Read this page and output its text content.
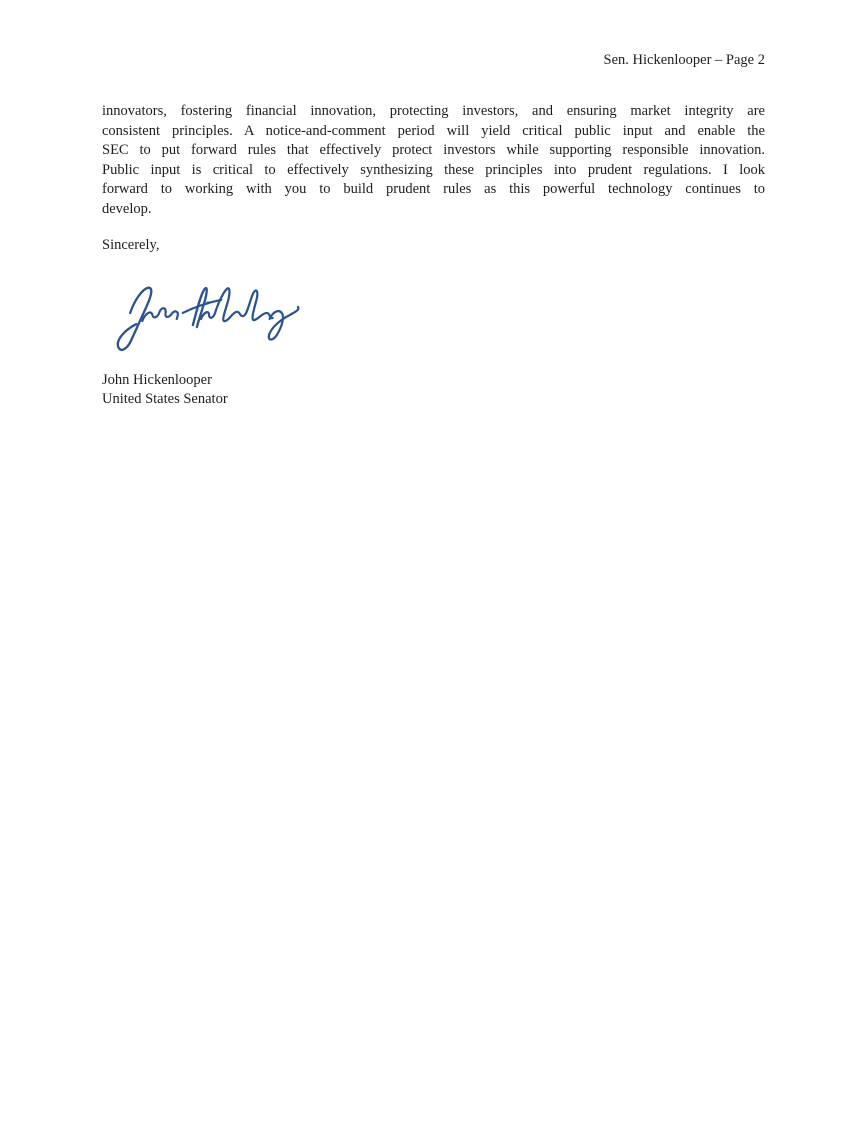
Sen. Hickenlooper – Page 2
innovators, fostering financial innovation, protecting investors, and ensuring market integrity are
consistent principles. A notice-and-comment period will yield critical public input and enable the
SEC to put forward rules that effectively protect investors while supporting responsible innovation.
Public input is critical to effectively synthesizing these principles into prudent regulations. I look
forward to working with you to build prudent rules as this powerful technology continues to
develop.
Sincerely,
John Hickenlooper
United States Senator
